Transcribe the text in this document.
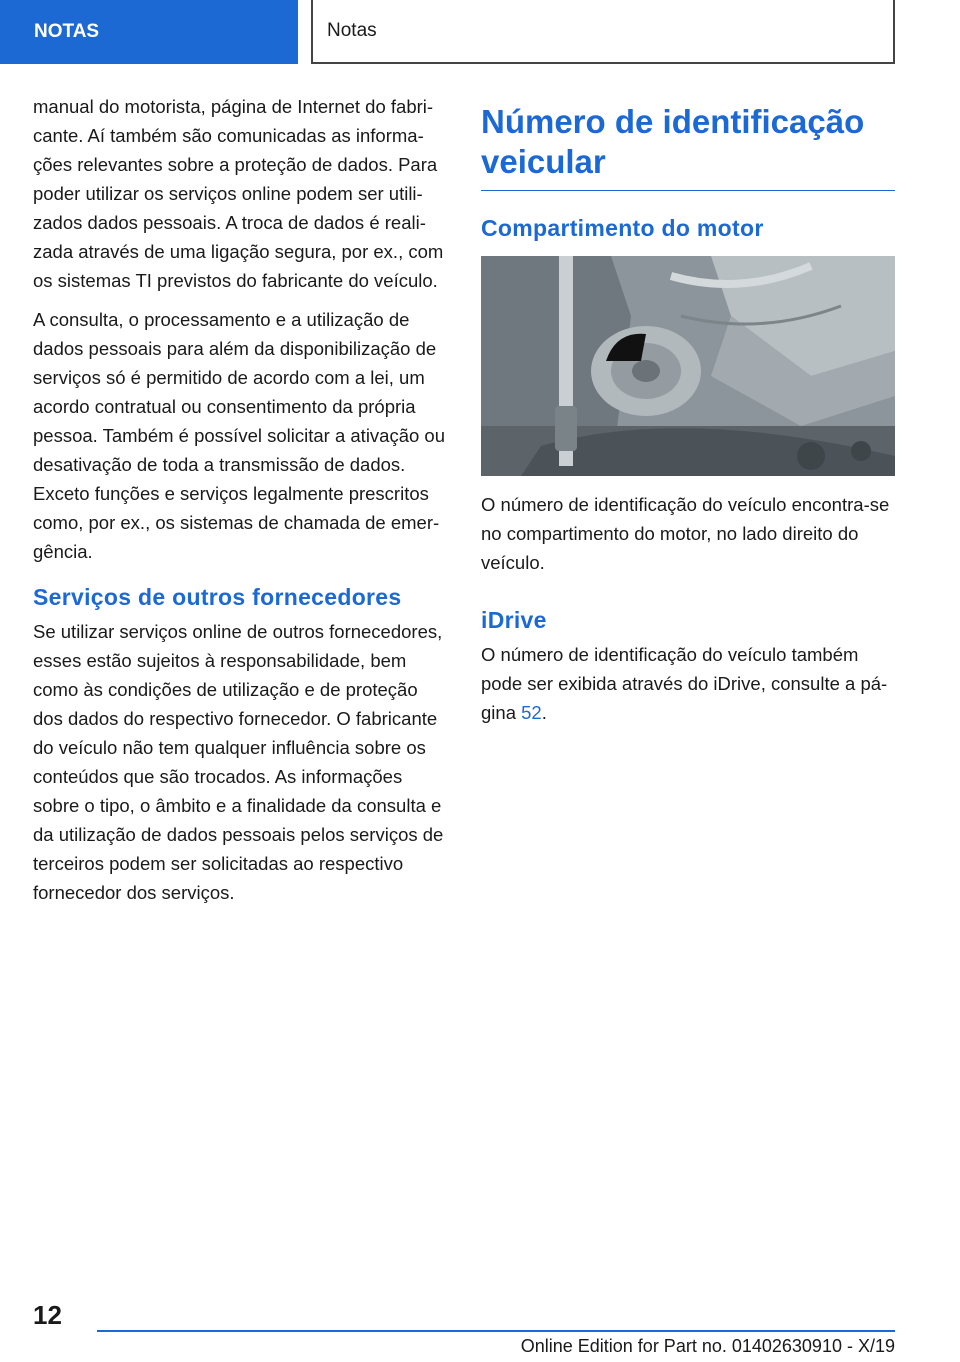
NOTAS	Notas

manual do motorista, página de Internet do fabricante. Aí também são comunicadas as informações relevantes sobre a proteção de dados. Para poder utilizar os serviços online podem ser utilizados dados pessoais. A troca de dados é realizada através de uma ligação segura, por ex., com os sistemas TI previstos do fabricante do veículo.

A consulta, o processamento e a utilização de dados pessoais para além da disponibilização de serviços só é permitido de acordo com a lei, um acordo contratual ou consentimento da própria pessoa. Também é possível solicitar a ativação ou desativação de toda a transmissão de dados. Exceto funções e serviços legalmente prescritos como, por ex., os sistemas de chamada de emergência.

Serviços de outros fornecedores

Se utilizar serviços online de outros fornecedores, esses estão sujeitos à responsabilidade, bem como às condições de utilização e de proteção dos dados do respectivo fornecedor. O fabricante do veículo não tem qualquer influência sobre os conteúdos que são trocados. As informações sobre o tipo, o âmbito e a finalidade da consulta e da utilização de dados pessoais pelos serviços de terceiros podem ser solicitadas ao respectivo fornecedor dos serviços.

Número de identificação veicular
Compartimento do motor

O número de identificação do veículo encontra-se no compartimento do motor, no lado direito do veículo.

iDrive

O número de identificação do veículo também pode ser exibida através do iDrive, consulte a página 52.

12
Online Edition for Part no. 01402630910 - X/19
